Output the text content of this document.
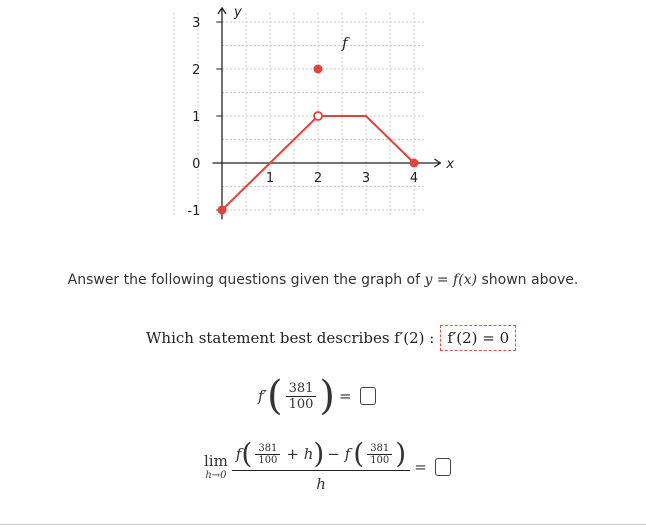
3
2
1
0
-1
1	2	3	4
y
x
f
Answer the following questions given the graph of y = f(x) shown above.
Which statement best describes f′(2) : f′(2) = 0
f′ ( $\frac{381}{100}$ ) =
lim
h→0
f ( $\frac{381}{100} + h$ ) − f ( $\frac{381}{100}$ )
h
=
